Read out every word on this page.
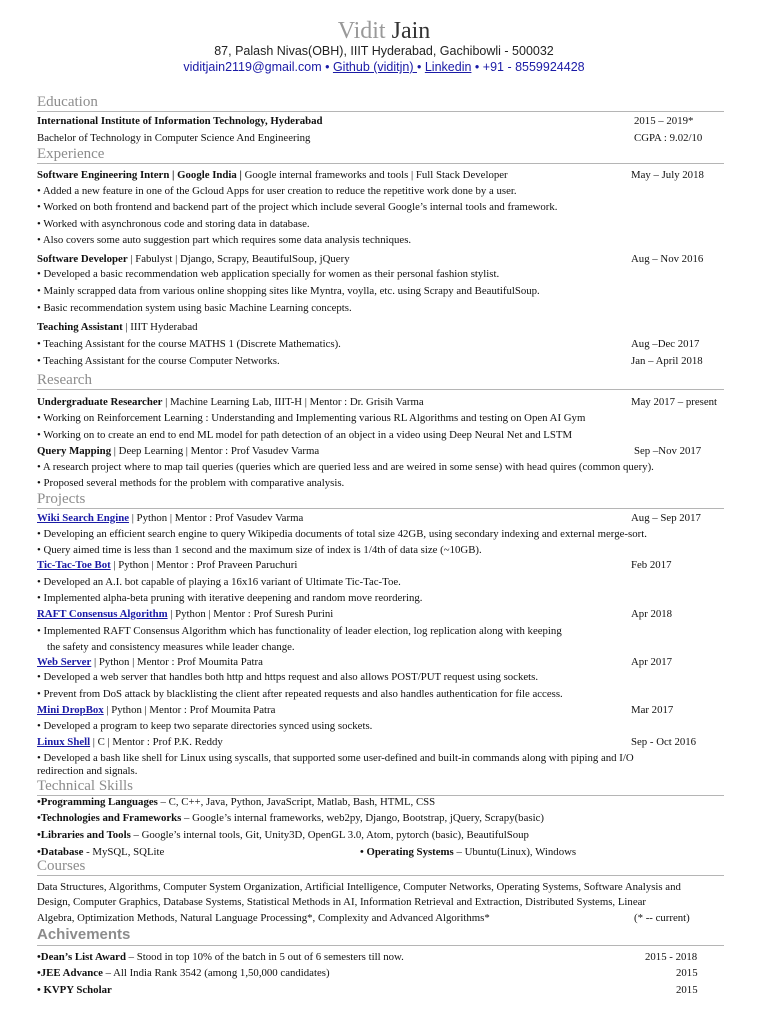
Vidit Jain
87, Palash Nivas(OBH), IIIT Hyderabad, Gachibowli - 500032
viditjain2119@gmail.com • Github (viditjn) • Linkedin • +91 - 8559924428
Education
International Institute of Information Technology, Hyderabad	2015 – 2019*
Bachelor of Technology in Computer Science And Engineering	CGPA : 9.02/10
Experience
Software Engineering Intern | Google India | Google internal frameworks and tools | Full Stack Developer	May – July 2018
• Added a new feature in one of the Gcloud Apps for user creation to reduce the repetitive work done by a user.
• Worked on both frontend and backend part of the project which include several Google’s internal tools and framework.
• Worked with asynchronous code and storing data in database.
• Also covers some auto suggestion part which requires some data analysis techniques.
Software Developer | Fabulyst | Django, Scrapy, BeautifulSoup, jQuery	Aug – Nov 2016
• Developed a basic recommendation web application specially for women as their personal fashion stylist.
• Mainly scrapped data from various online shopping sites like Myntra, voylla, etc. using Scrapy and BeautifulSoup.
• Basic recommendation system using basic Machine Learning concepts.
Teaching Assistant | IIIT Hyderabad
• Teaching Assistant for the course MATHS 1 (Discrete Mathematics).	Aug –Dec 2017
• Teaching Assistant for the course Computer Networks.	Jan – April 2018
Research
Undergraduate Researcher | Machine Learning Lab, IIIT-H | Mentor : Dr. Grisih Varma	May 2017 – present
• Working on Reinforcement Learning : Understanding and Implementing various RL Algorithms and testing on Open AI Gym
• Working on to create an end to end ML model for path detection of an object in a video using Deep Neural Net and LSTM
Query Mapping | Deep Learning | Mentor : Prof Vasudev Varma	Sep –Nov 2017
• A research project where to map tail queries (queries which are queried less and are weired in some sense) with head quires (common query).
• Proposed several methods for the problem with comparative analysis.
Projects
Wiki Search Engine | Python | Mentor : Prof Vasudev Varma	Aug – Sep 2017
• Developing an efficient search engine to query Wikipedia documents of total size 42GB, using secondary indexing and external merge-sort.
• Query aimed time is less than 1 second and the maximum size of index is 1/4th of data size (~10GB).
Tic-Tac-Toe Bot | Python | Mentor : Prof Praveen Paruchuri	Feb 2017
• Developed an A.I. bot capable of playing a 16x16 variant of Ultimate Tic-Tac-Toe.
• Implemented alpha-beta pruning with iterative deepening and random move reordering.
RAFT Consensus Algorithm | Python | Mentor : Prof Suresh Purini	Apr 2018
• Implemented RAFT Consensus Algorithm which has functionality of leader election, log replication along with keeping
the safety and consistency measures while leader change.
Web Server | Python | Mentor : Prof Moumita Patra	Apr 2017
• Developed a web server that handles both http and https request and also allows POST/PUT request using sockets.
• Prevent from DoS attack by blacklisting the client after repeated requests and also handles authentication for file access.
Mini DropBox | Python | Mentor : Prof Moumita Patra	Mar 2017
• Developed a program to keep two separate directories synced using sockets.
Linux Shell | C | Mentor : Prof P.K. Reddy	Sep - Oct 2016
• Developed a bash like shell for Linux using syscalls, that supported some user-defined and built-in commands along with piping and I/O
redirection and signals.
Technical Skills
•Programming Languages – C, C++, Java, Python, JavaScript, Matlab, Bash, HTML, CSS
•Technologies and Frameworks – Google’s internal frameworks, web2py, Django, Bootstrap, jQuery, Scrapy(basic)
•Libraries and Tools – Google’s internal tools, Git, Unity3D, OpenGL 3.0, Atom, pytorch (basic), BeautifulSoup
•Database - MySQL, SQLite	• Operating Systems – Ubuntu(Linux), Windows
Courses
Data Structures, Algorithms, Computer System Organization, Artificial Intelligence, Computer Networks, Operating Systems, Software Analysis and
Design, Computer Graphics, Database Systems, Statistical Methods in AI, Information Retrieval and Extraction, Distributed Systems, Linear
Algebra, Optimization Methods, Natural Language Processing*, Complexity and Advanced Algorithms*	(* -- current)
Achivements
•Dean’s List Award – Stood in top 10% of the batch in 5 out of 6 semesters till now.	2015 - 2018
•JEE Advance – All India Rank 3542 (among 1,50,000 candidates)	2015
• KVPY Scholar	2015
